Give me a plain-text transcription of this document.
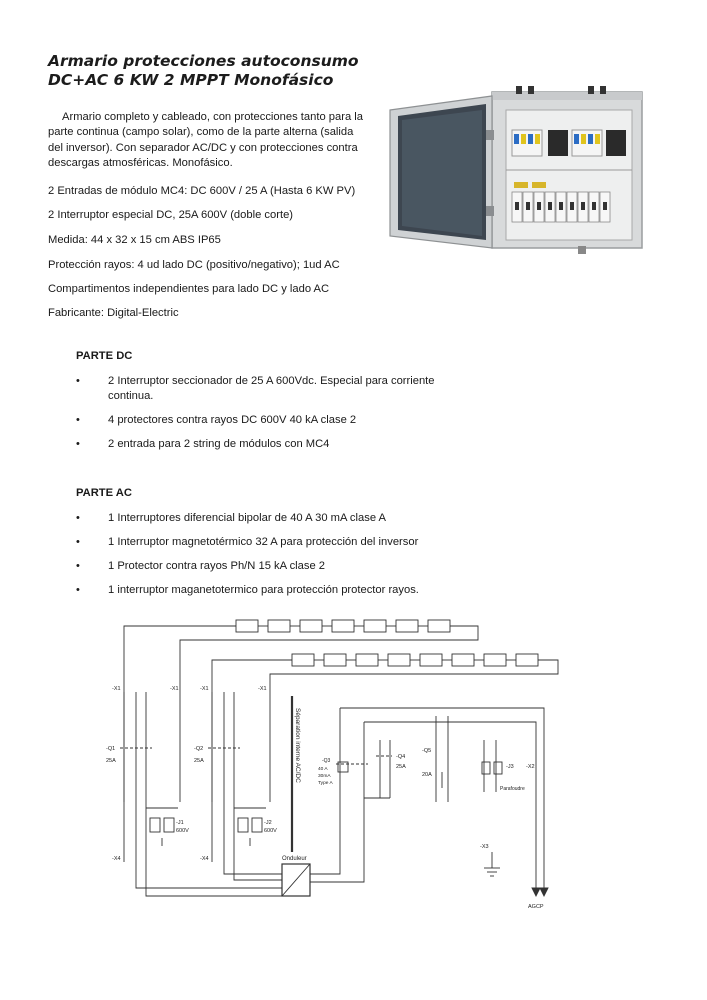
Armario protecciones autoconsumo
DC+AC 6 KW 2 MPPT Monofásico

Armario completo y cableado, con protecciones tanto para la parte continua (campo solar), como de la parte alterna (salida del inversor). Con separador AC/DC y con protecciones contra descargas atmosféricas. Monofásico.

2 Entradas de módulo MC4: DC 600V / 25 A (Hasta 6 KW PV)

2 Interruptor especial DC, 25A 600V (doble corte)

Medida: 44 x 32 x 15 cm ABS IP65

Protección rayos: 4 ud lado DC (positivo/negativo); 1ud AC

Compartimentos independientes para lado DC y lado AC

Fabricante: Digital-Electric

PARTE DC

•	2 Interruptor seccionador de 25 A 600Vdc. Especial para corriente continua.
•	4 protectores contra rayos DC 600V 40 kA clase 2
•	2 entrada para 2 string de módulos con MC4

PARTE AC

•	1 Interruptores diferencial bipolar de 40 A 30 mA clase A
•	1 Interruptor magnetotérmico 32 A para protección del inversor
•	1 Protector contra rayos Ph/N 15 kA clase 2
•	1 interruptor maganetotermico para protección protector rayos.
-X1	-X1	-X1	-X1
-Q1
25A
-Q2
25A
-J1
600V
-J2
600V
-X4	-X4	Onduleur
-Q3
40 A
30mA
Type A
-Q4
25A
-Q5
20A
-J3
Parafoudre
-X2
-X3
AGCP
Séparation interne AC/DC
